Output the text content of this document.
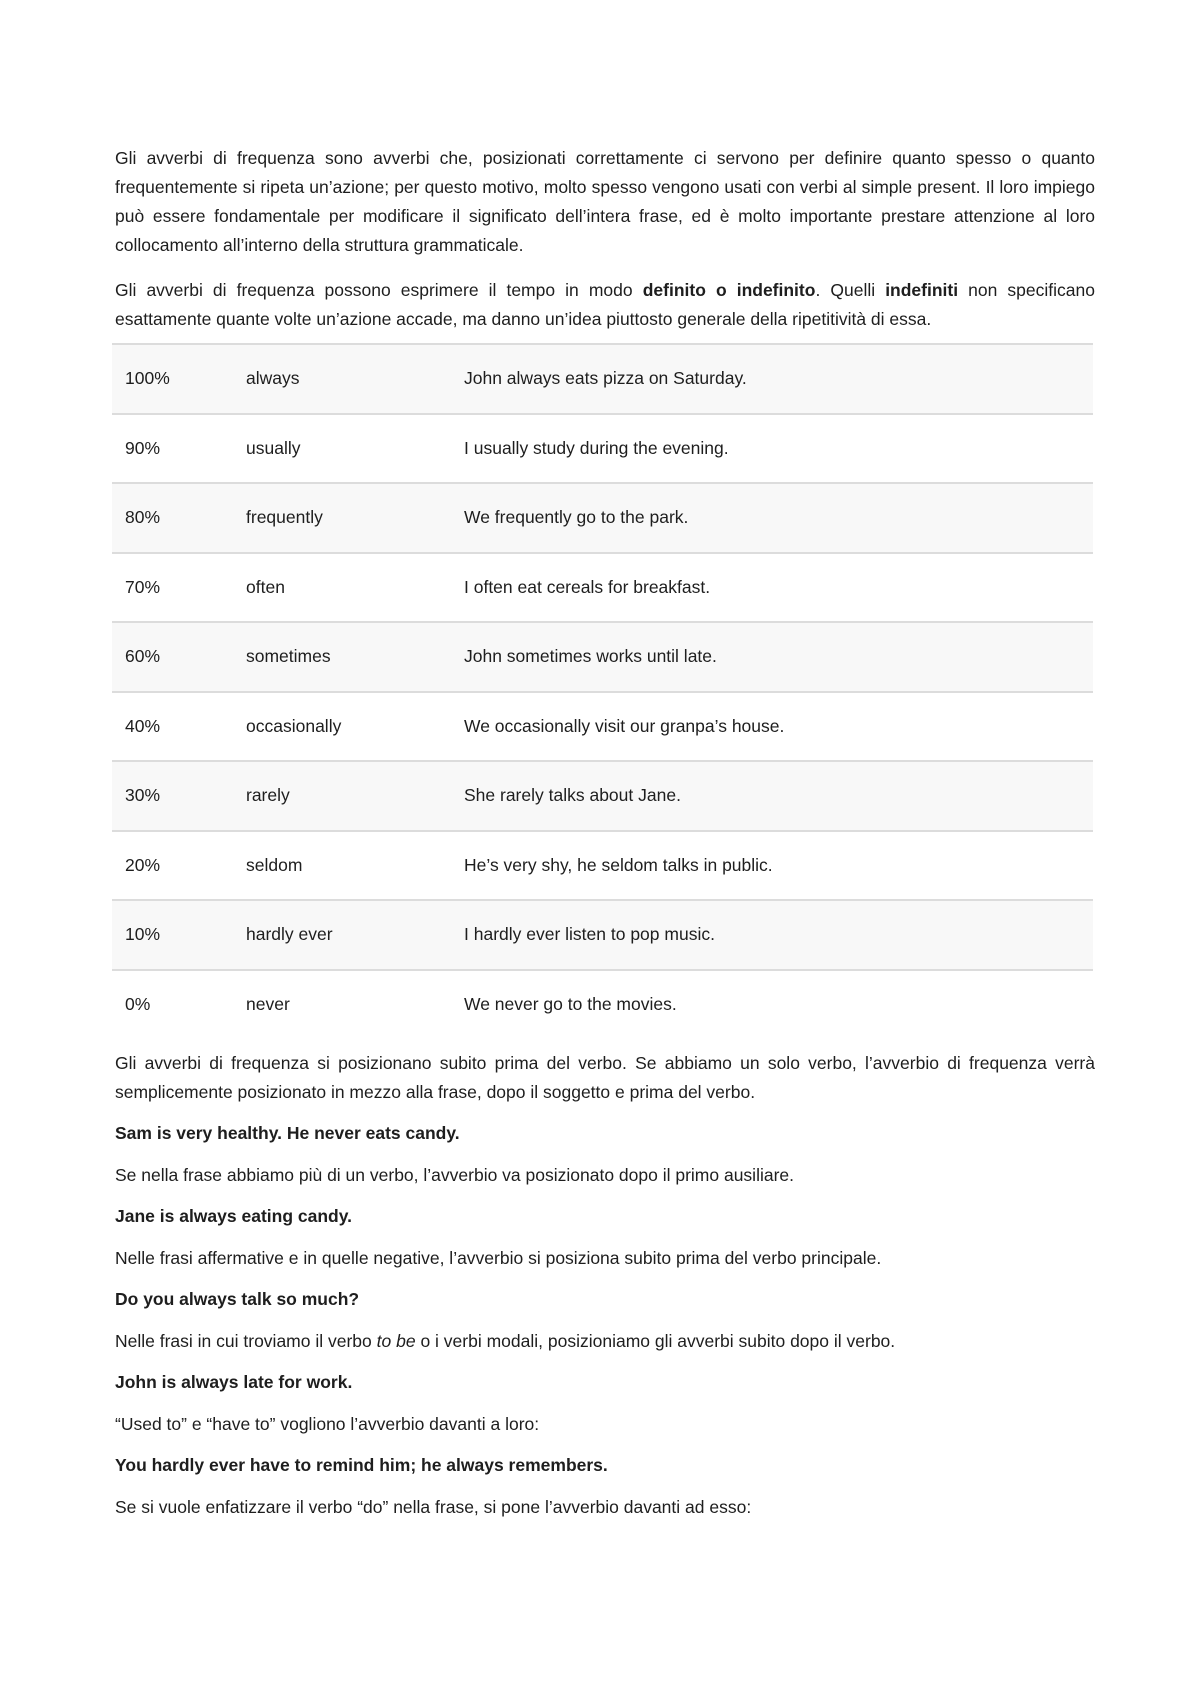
Gli avverbi di frequenza sono avverbi che, posizionati correttamente ci servono per definire quanto spesso o quanto frequentemente si ripeta un’azione; per questo motivo, molto spesso vengono usati con verbi al simple present. Il loro impiego può essere fondamentale per modificare il significato dell’intera frase, ed è molto importante prestare attenzione al loro collocamento all’interno della struttura grammaticale.

Gli avverbi di frequenza possono esprimere il tempo in modo definito o indefinito. Quelli indefiniti non specificano esattamente quante volte un’azione accade, ma danno un’idea piuttosto generale della ripetitività di essa.

100%	always	John always eats pizza on Saturday.
90%	usually	I usually study during the evening.
80%	frequently	We frequently go to the park.
70%	often	I often eat cereals for breakfast.
60%	sometimes	John sometimes works until late.
40%	occasionally	We occasionally visit our granpa’s house.
30%	rarely	She rarely talks about Jane.
20%	seldom	He’s very shy, he seldom talks in public.
10%	hardly ever	I hardly ever listen to pop music.
0%	never	We never go to the movies.

Gli avverbi di frequenza si posizionano subito prima del verbo. Se abbiamo un solo verbo, l’avverbio di frequenza verrà semplicemente posizionato in mezzo alla frase, dopo il soggetto e prima del verbo.

Sam is very healthy. He never eats candy.

Se nella frase abbiamo più di un verbo, l’avverbio va posizionato dopo il primo ausiliare.

Jane is always eating candy.

Nelle frasi affermative e in quelle negative, l’avverbio si posiziona subito prima del verbo principale.

Do you always talk so much?

Nelle frasi in cui troviamo il verbo to be o i verbi modali, posizioniamo gli avverbi subito dopo il verbo.

John is always late for work.

“Used to” e “have to” vogliono l’avverbio davanti a loro:

You hardly ever have to remind him; he always remembers.

Se si vuole enfatizzare il verbo “do” nella frase, si pone l’avverbio davanti ad esso:
